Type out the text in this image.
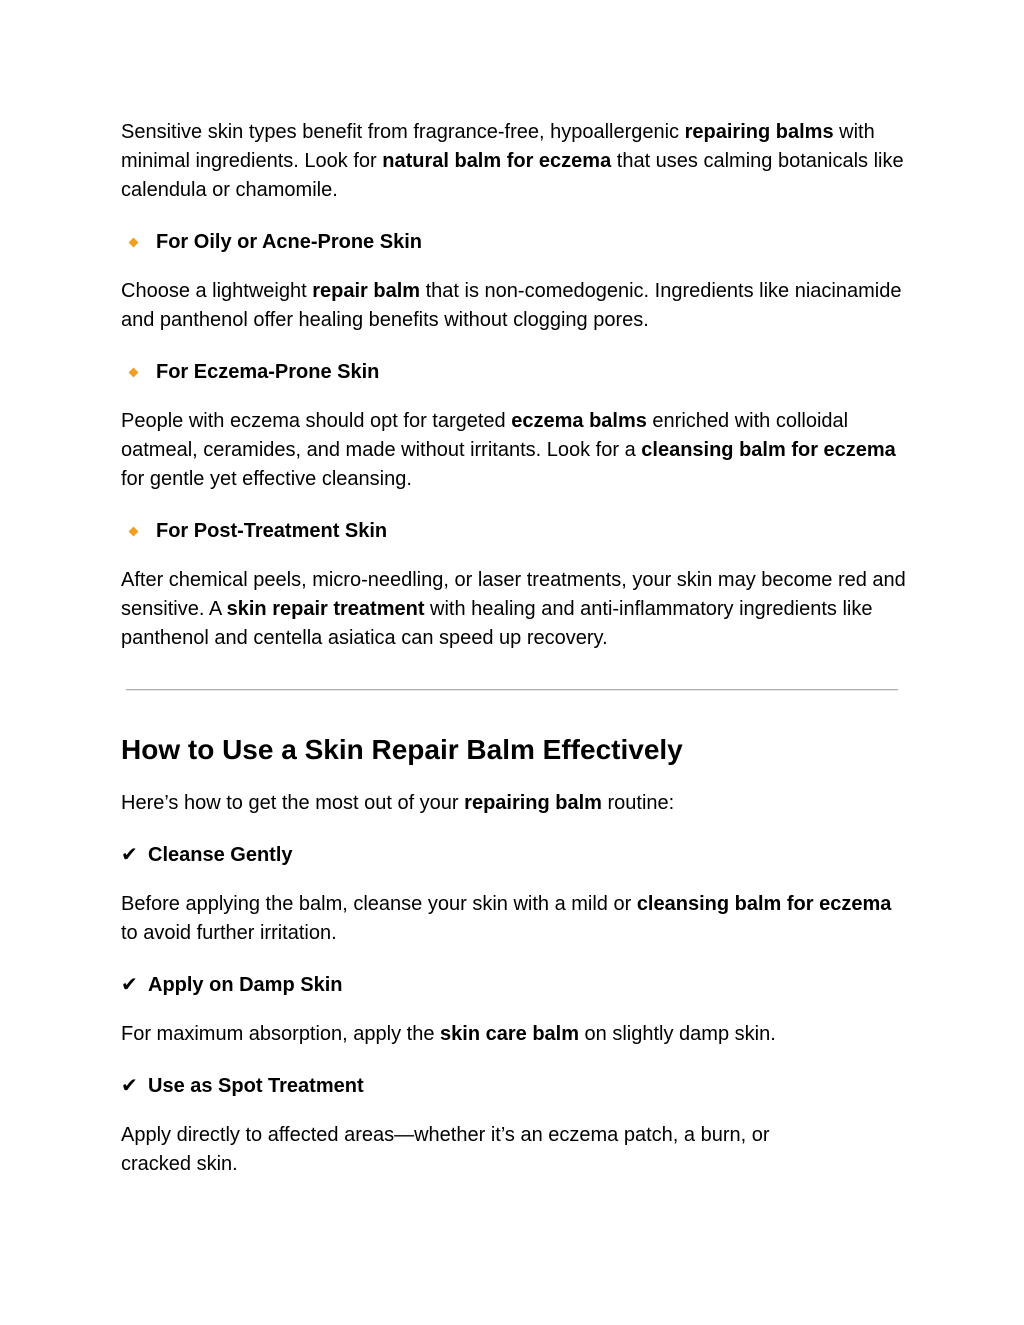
Sensitive skin types benefit from fragrance-free, hypoallergenic repairing balms with minimal ingredients. Look for natural balm for eczema that uses calming botanicals like calendula or chamomile.

For Oily or Acne-Prone Skin

Choose a lightweight repair balm that is non-comedogenic. Ingredients like niacinamide and panthenol offer healing benefits without clogging pores.

For Eczema-Prone Skin

People with eczema should opt for targeted eczema balms enriched with colloidal oatmeal, ceramides, and made without irritants. Look for a cleansing balm for eczema for gentle yet effective cleansing.

For Post-Treatment Skin

After chemical peels, micro-needling, or laser treatments, your skin may become red and sensitive. A skin repair treatment with healing and anti-inflammatory ingredients like panthenol and centella asiatica can speed up recovery.

How to Use a Skin Repair Balm Effectively

Here’s how to get the most out of your repairing balm routine:

✔ Cleanse Gently

Before applying the balm, cleanse your skin with a mild or cleansing balm for eczema to avoid further irritation.

✔ Apply on Damp Skin

For maximum absorption, apply the skin care balm on slightly damp skin.

✔ Use as Spot Treatment

Apply directly to affected areas—whether it’s an eczema patch, a burn, or cracked skin.
